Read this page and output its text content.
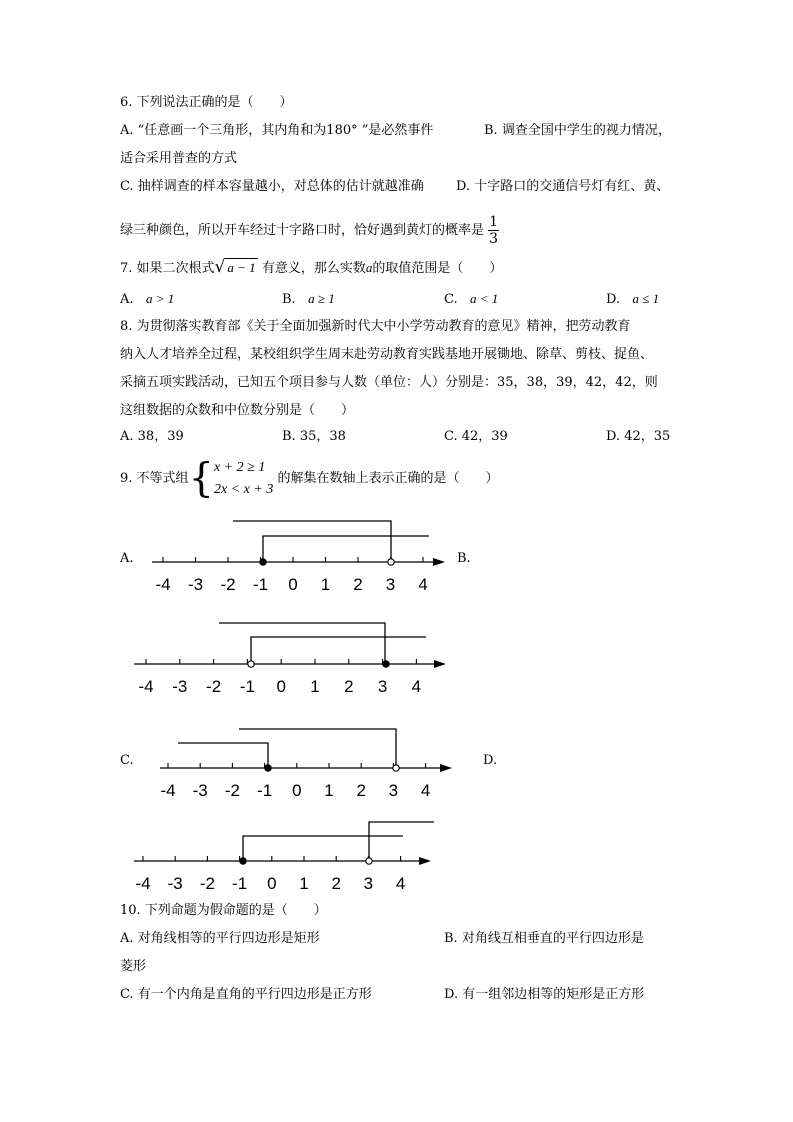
6. 下列说法正确的是（　　）
A. “任意画一个三角形，其内角和为180° ”是必然事件	B. 调查全国中学生的视力情况，
适合采用普查的方式
C. 抽样调查的样本容量越小，对总体的估计就越准确 D. 十字路口的交通信号灯有红、黄、
绿三种颜色，所以开车经过十字路口时，恰好遇到黄灯的概率是 $\frac{1}{3}$
7. 如果二次根式√ a − 1 有意义，那么实数a的取值范围是（　　）
A. a > 1	B. a ≥ 1	C. a < 1	D. a ≤ 1
8. 为贯彻落实教育部《关于全面加强新时代大中小学劳动教育的意见》精神，把劳动教育
纳入人才培养全过程，某校组织学生周末赴劳动教育实践基地开展锄地、除草、剪枝、捉鱼、
采摘五项实践活动，已知五个项目参与人数（单位：人）分别是：35，38，39，42，42，则
这组数据的众数和中位数分别是（　　）
A. 38，39	B. 35，38	C. 42，39	D. 42，35
9. 不等式组{ x + 2 ≥ 1
2x < x + 3
的解集在数轴上表示正确的是（　　）
A.	B.
C.	D.
-4 -3 -2 -1 0 1 2 3 4
-4 -3 -2 -1 0 1 2 3 4
-4 -3 -2 -1 0 1 2 3 4
-4 -3 -2 -1 0 1 2 3 4
10. 下列命题为假命题的是（　　）
A. 对角线相等的平行四边形是矩形	B. 对角线互相垂直的平行四边形是
菱形
C. 有一个内角是直角的平行四边形是正方形	D. 有一组邻边相等的矩形是正方形
